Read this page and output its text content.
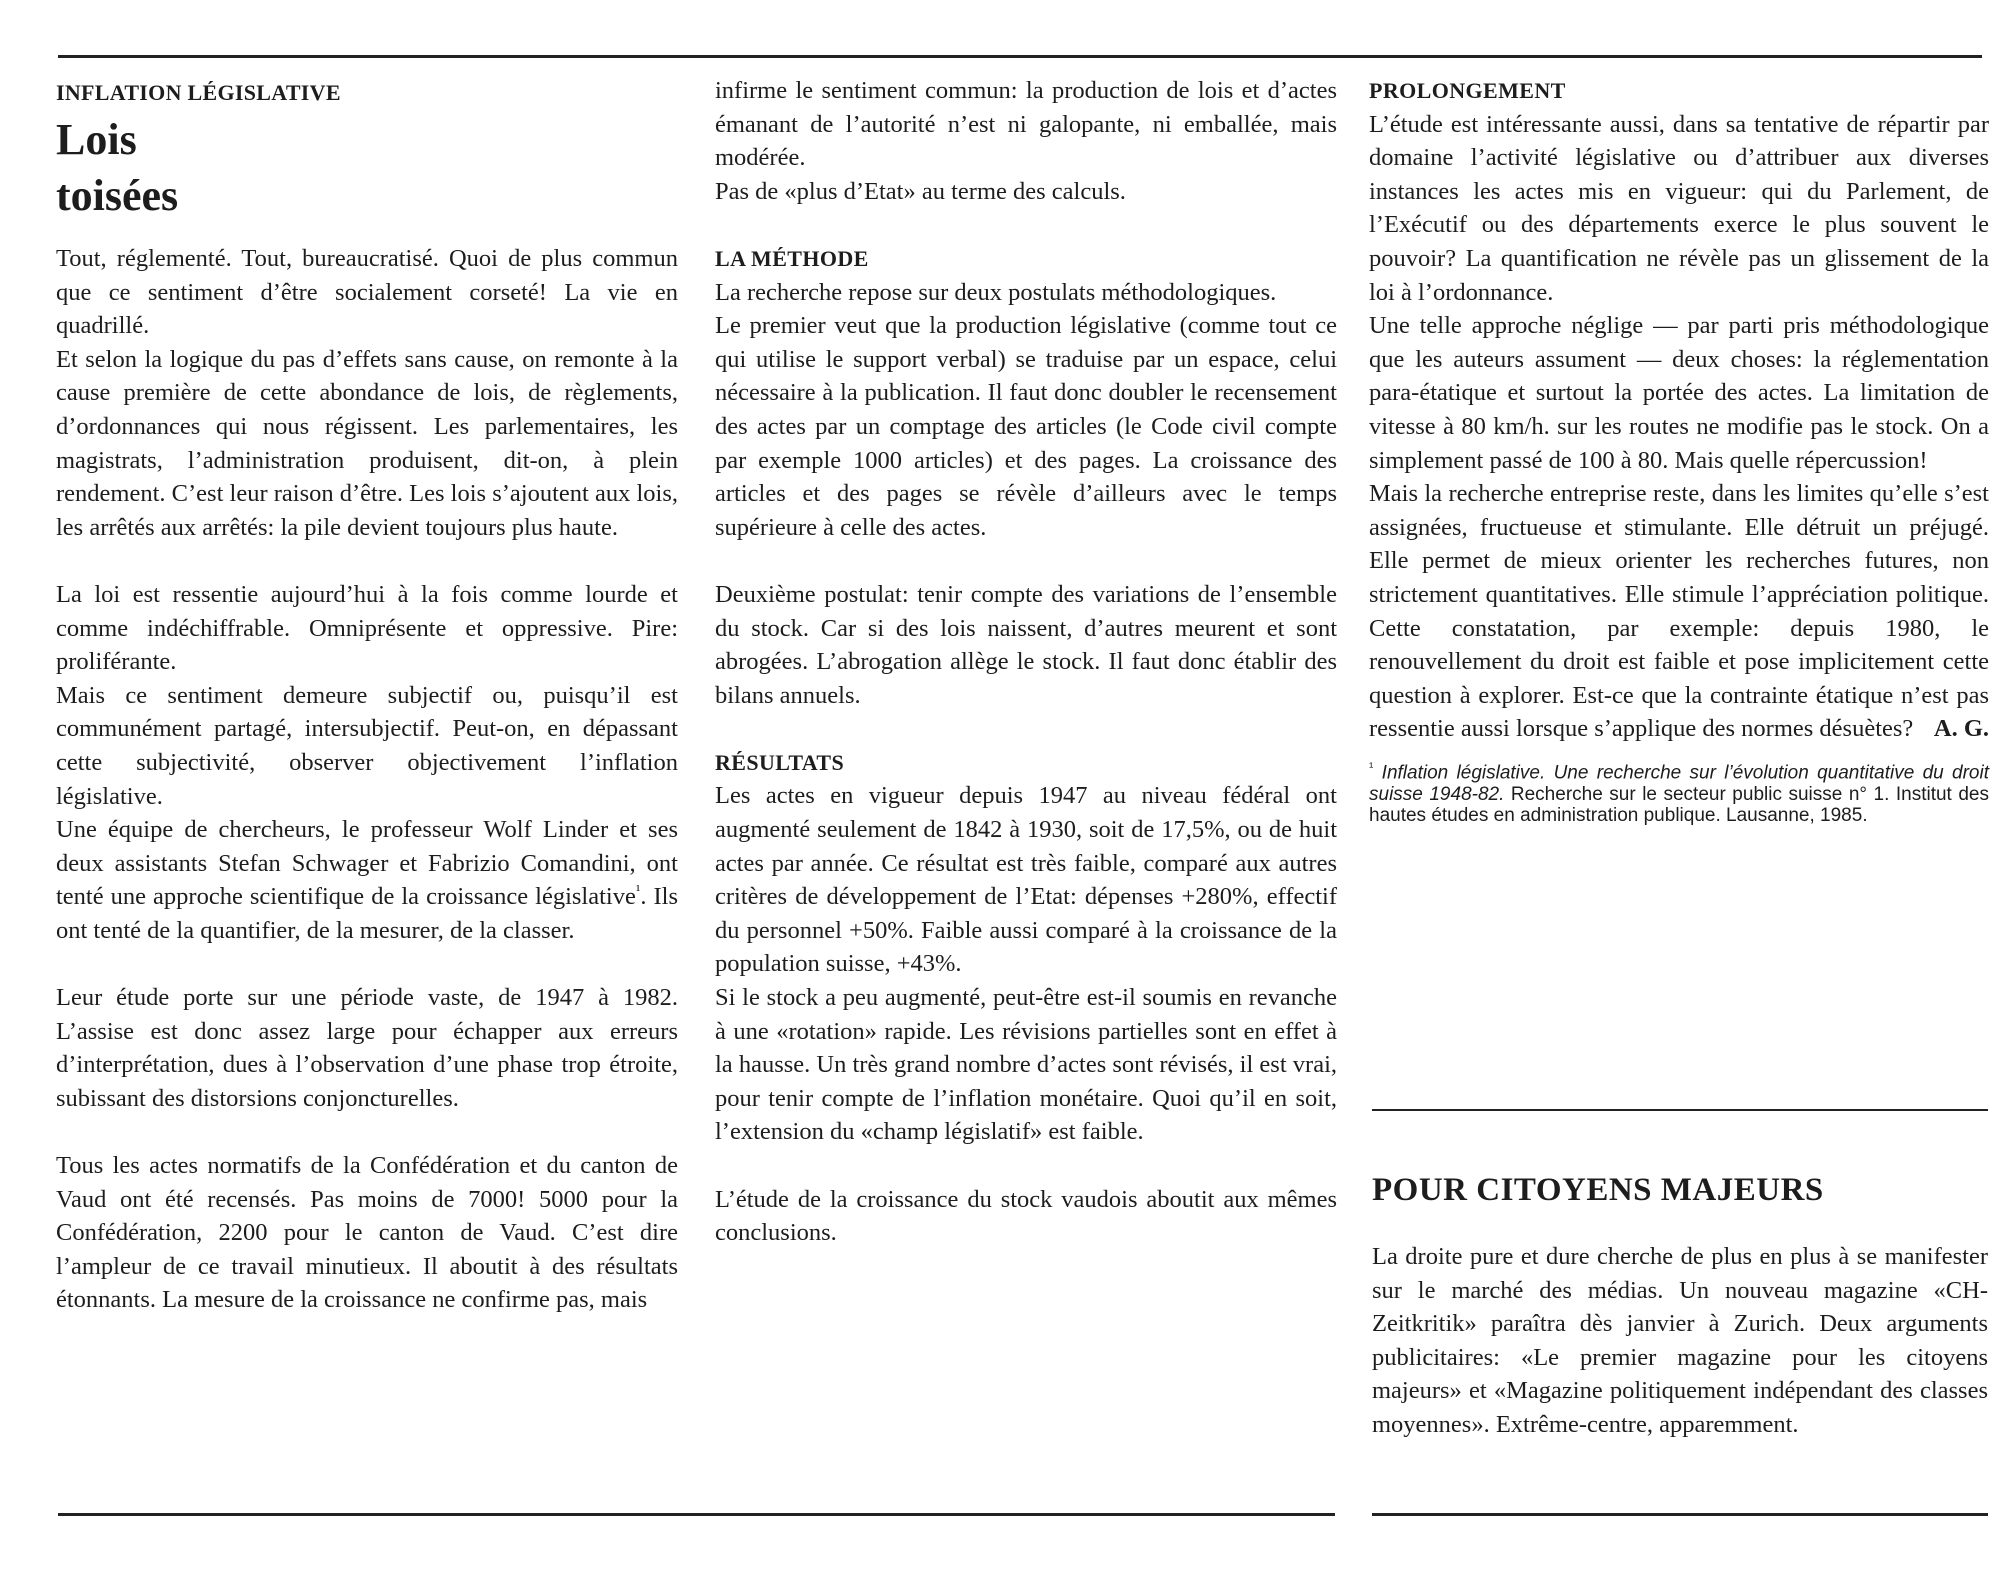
INFLATION LÉGISLATIVE

Lois
toisées

Tout, réglementé. Tout, bureaucratisé. Quoi de plus commun que ce sentiment d’être socialement corseté! La vie en quadrillé.

Et selon la logique du pas d’effets sans cause, on remonte à la cause première de cette abondance de lois, de règlements, d’ordonnances qui nous régissent. Les parlementaires, les magistrats, l’administration produisent, dit-on, à plein rendement. C’est leur raison d’être. Les lois s’ajoutent aux lois, les arrêtés aux arrêtés: la pile devient toujours plus haute.

La loi est ressentie aujourd’hui à la fois comme lourde et comme indéchiffrable. Omniprésente et oppressive. Pire: proliférante.

Mais ce sentiment demeure subjectif ou, puisqu’il est communément partagé, intersubjectif. Peut-on, en dépassant cette subjectivité, observer objectivement l’inflation législative.

Une équipe de chercheurs, le professeur Wolf Linder et ses deux assistants Stefan Schwager et Fabrizio Comandini, ont tenté une approche scientifique de la croissance législative$^{^1}$. Ils ont tenté de la quantifier, de la mesurer, de la classer.

Leur étude porte sur une période vaste, de 1947 à 1982. L’assise est donc assez large pour échapper aux erreurs d’interprétation, dues à l’observation d’une phase trop étroite, subissant des distorsions conjoncturelles.

Tous les actes normatifs de la Confédération et du canton de Vaud ont été recensés. Pas moins de 7000! 5000 pour la Confédération, 2200 pour le canton de Vaud. C’est dire l’ampleur de ce travail minutieux. Il aboutit à des résultats étonnants. La mesure de la croissance ne confirme pas, mais

infirme le sentiment commun: la production de lois et d’actes émanant de l’autorité n’est ni galopante, ni emballée, mais modérée.

Pas de «plus d’Etat» au terme des calculs.

LA MÉTHODE

La recherche repose sur deux postulats méthodologiques.

Le premier veut que la production législative (comme tout ce qui utilise le support verbal) se traduise par un espace, celui nécessaire à la publication. Il faut donc doubler le recensement des actes par un comptage des articles (le Code civil compte par exemple 1000 articles) et des pages. La croissance des articles et des pages se révèle d’ailleurs avec le temps supérieure à celle des actes.

Deuxième postulat: tenir compte des variations de l’ensemble du stock. Car si des lois naissent, d’autres meurent et sont abrogées. L’abrogation allège le stock. Il faut donc établir des bilans annuels.

RÉSULTATS

Les actes en vigueur depuis 1947 au niveau fédéral ont augmenté seulement de 1842 à 1930, soit de 17,5%, ou de huit actes par année. Ce résultat est très faible, comparé aux autres critères de développement de l’Etat: dépenses +280%, effectif du personnel +50%. Faible aussi comparé à la croissance de la population suisse, +43%.

Si le stock a peu augmenté, peut-être est-il soumis en revanche à une «rotation» rapide. Les révisions partielles sont en effet à la hausse. Un très grand nombre d’actes sont révisés, il est vrai, pour tenir compte de l’inflation monétaire. Quoi qu’il en soit, l’extension du «champ législatif» est faible.

L’étude de la croissance du stock vaudois aboutit aux mêmes conclusions.

PROLONGEMENT

L’étude est intéressante aussi, dans sa tentative de répartir par domaine l’activité législative ou d’attribuer aux diverses instances les actes mis en vigueur: qui du Parlement, de l’Exécutif ou des départements exerce le plus souvent le pouvoir? La quantification ne révèle pas un glissement de la loi à l’ordonnance.

Une telle approche néglige — par parti pris méthodologique que les auteurs assument — deux choses: la réglementation para-étatique et surtout la portée des actes. La limitation de vitesse à 80 km/h. sur les routes ne modifie pas le stock. On a simplement passé de 100 à 80. Mais quelle répercussion!

Mais la recherche entreprise reste, dans les limites qu’elle s’est assignées, fructueuse et stimulante. Elle détruit un préjugé. Elle permet de mieux orienter les recherches futures, non strictement quantitatives. Elle stimule l’appréciation politique. Cette constatation, par exemple: depuis 1980, le renouvellement du droit est faible et pose implicitement cette question à explorer. Est-ce que la contrainte étatique n’est pas ressentie aussi lorsque s’applique des normes désuètes? A. G.

$^{^1}$ Inflation législative. Une recherche sur l’évolution quantitative du droit suisse 1948-82. Recherche sur le secteur public suisse n° 1. Institut des hautes études en administration publique. Lausanne, 1985.
POUR CITOYENS MAJEURS

La droite pure et dure cherche de plus en plus à se manifester sur le marché des médias. Un nouveau magazine «CH-Zeitkritik» paraîtra dès janvier à Zurich. Deux arguments publicitaires: «Le premier magazine pour les citoyens majeurs» et «Magazine politiquement indépendant des classes moyennes». Extrême-centre, apparemment.
